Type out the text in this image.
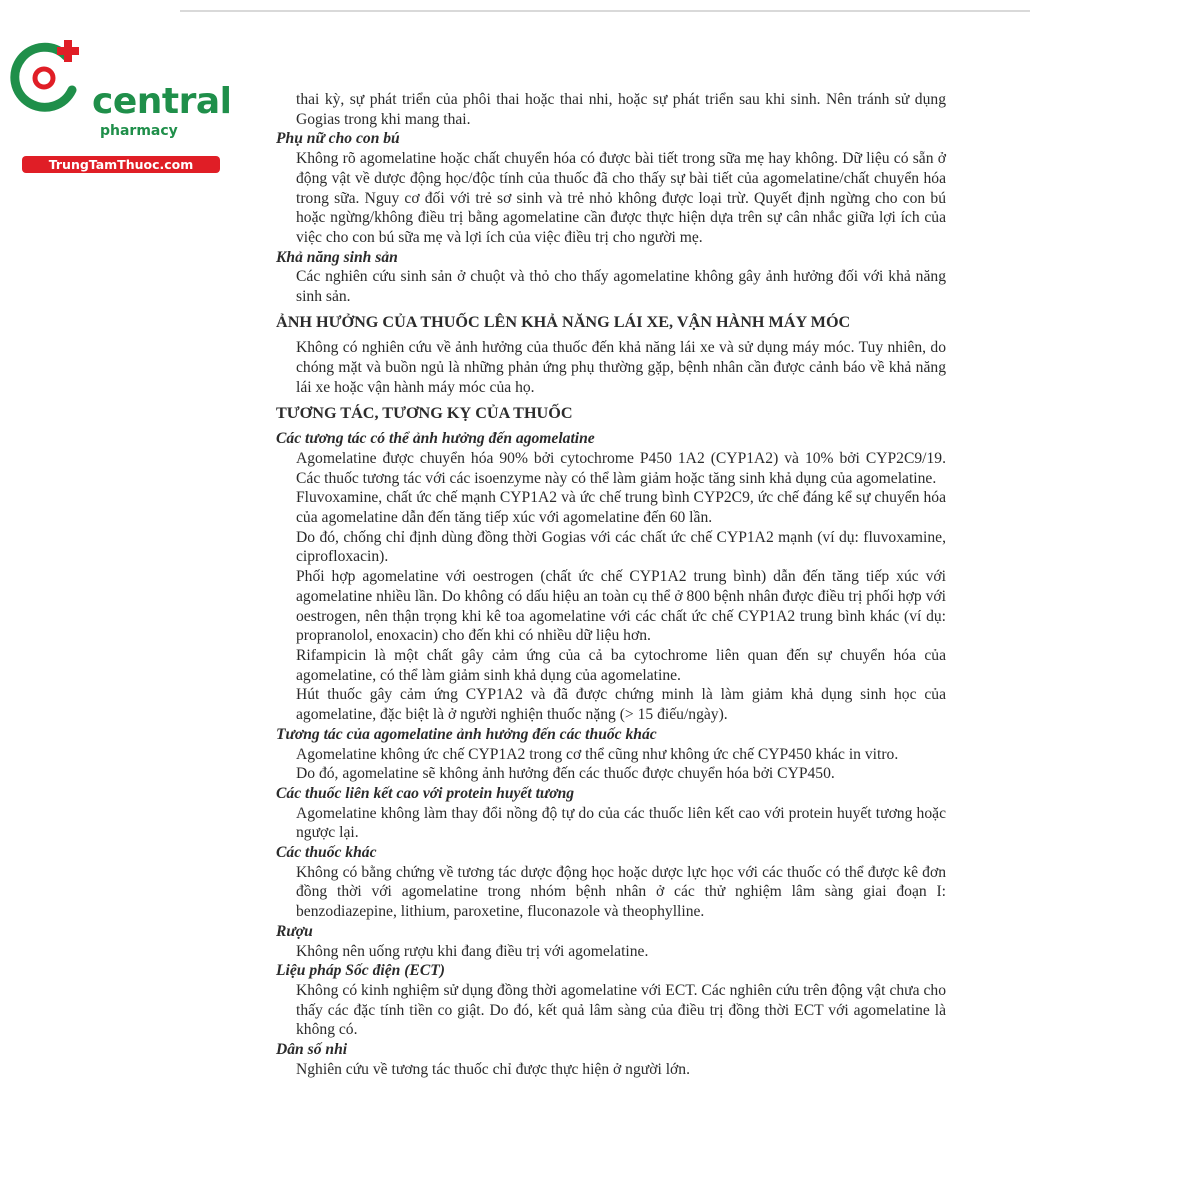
central
pharmacy
TrungTamThuoc.com
thai kỳ, sự phát triển của phôi thai hoặc thai nhi, hoặc sự phát triển sau khi sinh. Nên tránh sử dụng Gogias trong khi mang thai.
Phụ nữ cho con bú
Không rõ agomelatine hoặc chất chuyển hóa có được bài tiết trong sữa mẹ hay không. Dữ liệu có sẵn ở động vật về dược động học/độc tính của thuốc đã cho thấy sự bài tiết của agomelatine/chất chuyển hóa trong sữa. Nguy cơ đối với trẻ sơ sinh và trẻ nhỏ không được loại trừ. Quyết định ngừng cho con bú hoặc ngừng/không điều trị bằng agomelatine cần được thực hiện dựa trên sự cân nhắc giữa lợi ích của việc cho con bú sữa mẹ và lợi ích của việc điều trị cho người mẹ.
Khả năng sinh sản
Các nghiên cứu sinh sản ở chuột và thỏ cho thấy agomelatine không gây ảnh hưởng đối với khả năng sinh sản.
ẢNH HƯỞNG CỦA THUỐC LÊN KHẢ NĂNG LÁI XE, VẬN HÀNH MÁY MÓC
Không có nghiên cứu về ảnh hưởng của thuốc đến khả năng lái xe và sử dụng máy móc. Tuy nhiên, do chóng mặt và buồn ngủ là những phản ứng phụ thường gặp, bệnh nhân cần được cảnh báo về khả năng lái xe hoặc vận hành máy móc của họ.
TƯƠNG TÁC, TƯƠNG KỴ CỦA THUỐC
Các tương tác có thể ảnh hưởng đến agomelatine
Agomelatine được chuyển hóa 90% bởi cytochrome P450 1A2 (CYP1A2) và 10% bởi CYP2C9/19. Các thuốc tương tác với các isoenzyme này có thể làm giảm hoặc tăng sinh khả dụng của agomelatine.
Fluvoxamine, chất ức chế mạnh CYP1A2 và ức chế trung bình CYP2C9, ức chế đáng kể sự chuyển hóa của agomelatine dẫn đến tăng tiếp xúc với agomelatine đến 60 lần.
Do đó, chống chỉ định dùng đồng thời Gogias với các chất ức chế CYP1A2 mạnh (ví dụ: fluvoxamine, ciprofloxacin).
Phối hợp agomelatine với oestrogen (chất ức chế CYP1A2 trung bình) dẫn đến tăng tiếp xúc với agomelatine nhiều lần. Do không có dấu hiệu an toàn cụ thể ở 800 bệnh nhân được điều trị phối hợp với oestrogen, nên thận trọng khi kê toa agomelatine với các chất ức chế CYP1A2 trung bình khác (ví dụ: propranolol, enoxacin) cho đến khi có nhiều dữ liệu hơn.
Rifampicin là một chất gây cảm ứng của cả ba cytochrome liên quan đến sự chuyển hóa của agomelatine, có thể làm giảm sinh khả dụng của agomelatine.
Hút thuốc gây cảm ứng CYP1A2 và đã được chứng minh là làm giảm khả dụng sinh học của agomelatine, đặc biệt là ở người nghiện thuốc nặng (> 15 điếu/ngày).
Tương tác của agomelatine ảnh hưởng đến các thuốc khác
Agomelatine không ức chế CYP1A2 trong cơ thể cũng như không ức chế CYP450 khác in vitro.
Do đó, agomelatine sẽ không ảnh hưởng đến các thuốc được chuyển hóa bởi CYP450.
Các thuốc liên kết cao với protein huyết tương
Agomelatine không làm thay đổi nồng độ tự do của các thuốc liên kết cao với protein huyết tương hoặc ngược lại.
Các thuốc khác
Không có bằng chứng về tương tác dược động học hoặc dược lực học với các thuốc có thể được kê đơn đồng thời với agomelatine trong nhóm bệnh nhân ở các thử nghiệm lâm sàng giai đoạn I: benzodiazepine, lithium, paroxetine, fluconazole và theophylline.
Rượu
Không nên uống rượu khi đang điều trị với agomelatine.
Liệu pháp Sốc điện (ECT)
Không có kinh nghiệm sử dụng đồng thời agomelatine với ECT. Các nghiên cứu trên động vật chưa cho thấy các đặc tính tiền co giật. Do đó, kết quả lâm sàng của điều trị đồng thời ECT với agomelatine là không có.
Dân số nhi
Nghiên cứu về tương tác thuốc chỉ được thực hiện ở người lớn.
